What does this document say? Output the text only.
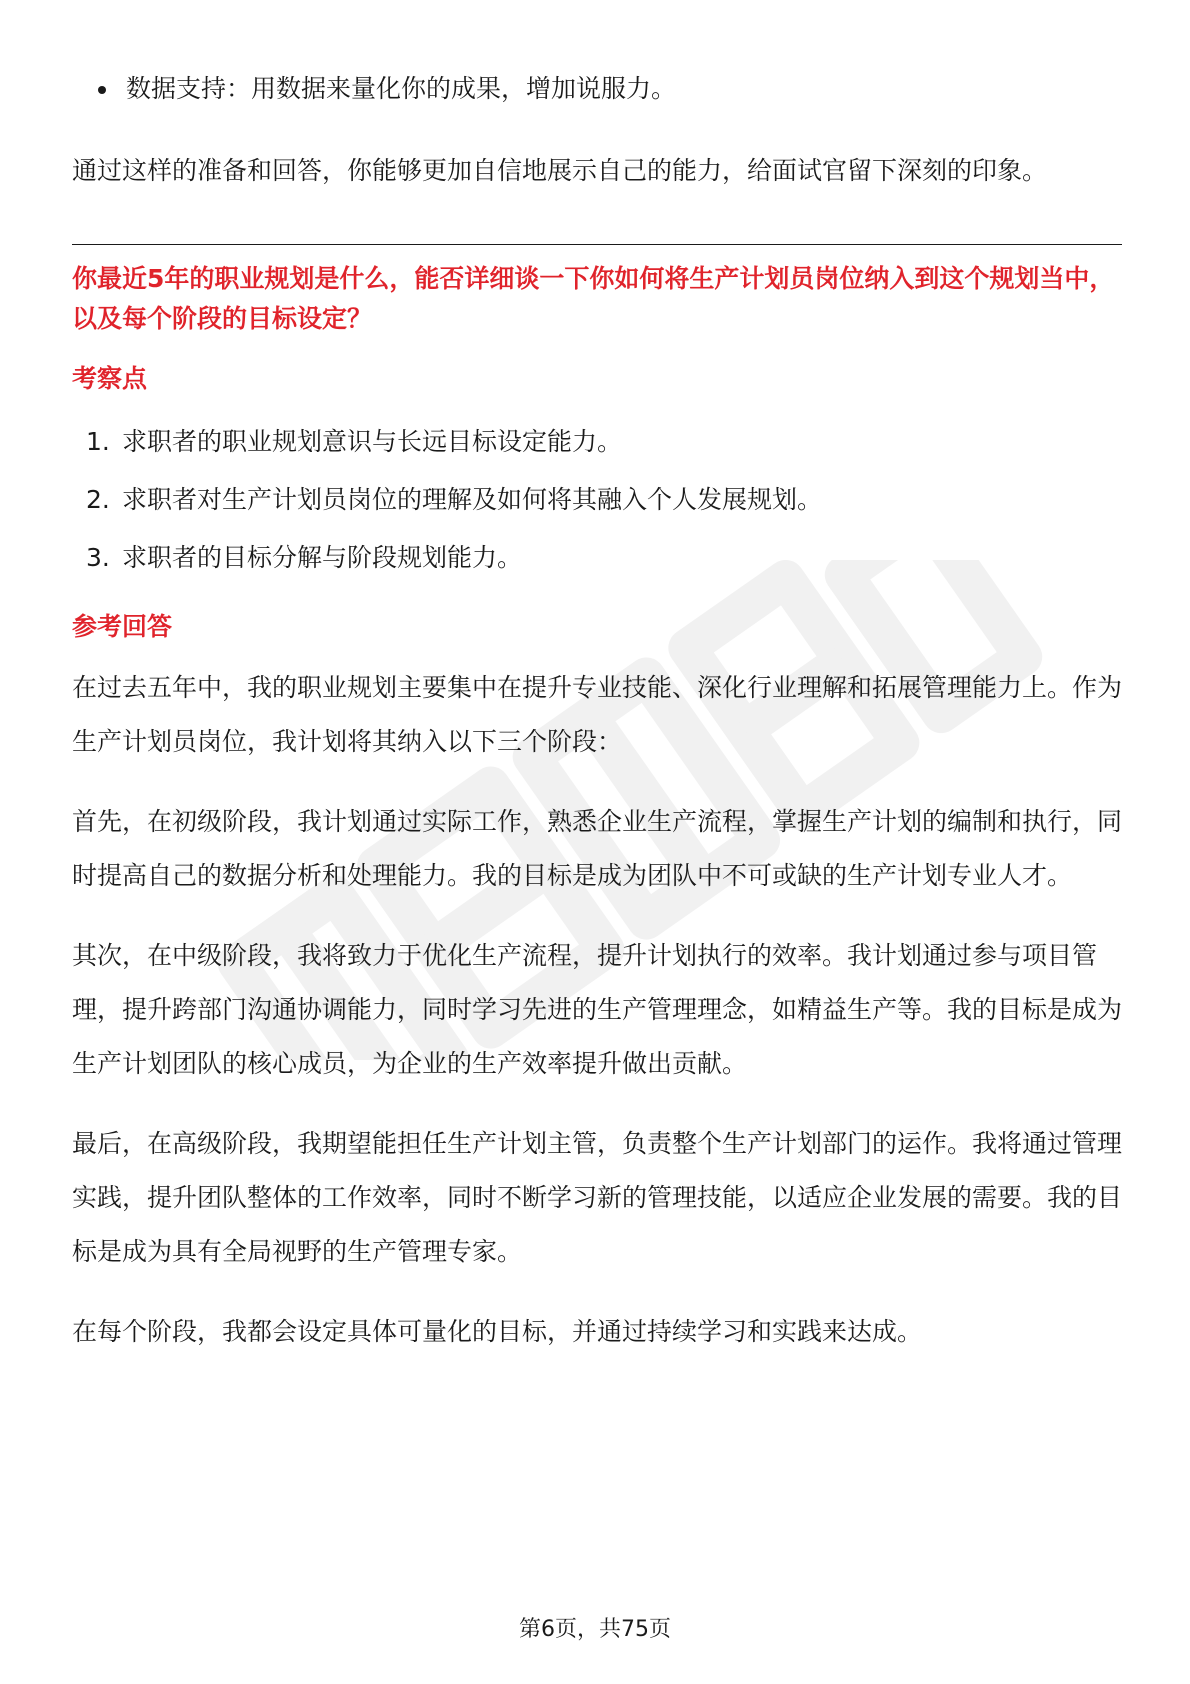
数据支持：用数据来量化你的成果，增加说服力。

通过这样的准备和回答，你能够更加自信地展示自己的能力，给面试官留下深刻的印象。

你最近5年的职业规划是什么，能否详细谈一下你如何将生产计划员岗位纳入到这个规划当中，以及每个阶段的目标设定？

考察点
1. 求职者的职业规划意识与长远目标设定能力。
2. 求职者对生产计划员岗位的理解及如何将其融入个人发展规划。
3. 求职者的目标分解与阶段规划能力。
参考回答

在过去五年中，我的职业规划主要集中在提升专业技能、深化行业理解和拓展管理能力上。作为生产计划员岗位，我计划将其纳入以下三个阶段：

首先，在初级阶段，我计划通过实际工作，熟悉企业生产流程，掌握生产计划的编制和执行，同时提高自己的数据分析和处理能力。我的目标是成为团队中不可或缺的生产计划专业人才。

其次，在中级阶段，我将致力于优化生产流程，提升计划执行的效率。我计划通过参与项目管理，提升跨部门沟通协调能力，同时学习先进的生产管理理念，如精益生产等。我的目标是成为生产计划团队的核心成员，为企业的生产效率提升做出贡献。

最后，在高级阶段，我期望能担任生产计划主管，负责整个生产计划部门的运作。我将通过管理实践，提升团队整体的工作效率，同时不断学习新的管理技能，以适应企业发展的需要。我的目标是成为具有全局视野的生产管理专家。

在每个阶段，我都会设定具体可量化的目标，并通过持续学习和实践来达成。

第6页，共75页
